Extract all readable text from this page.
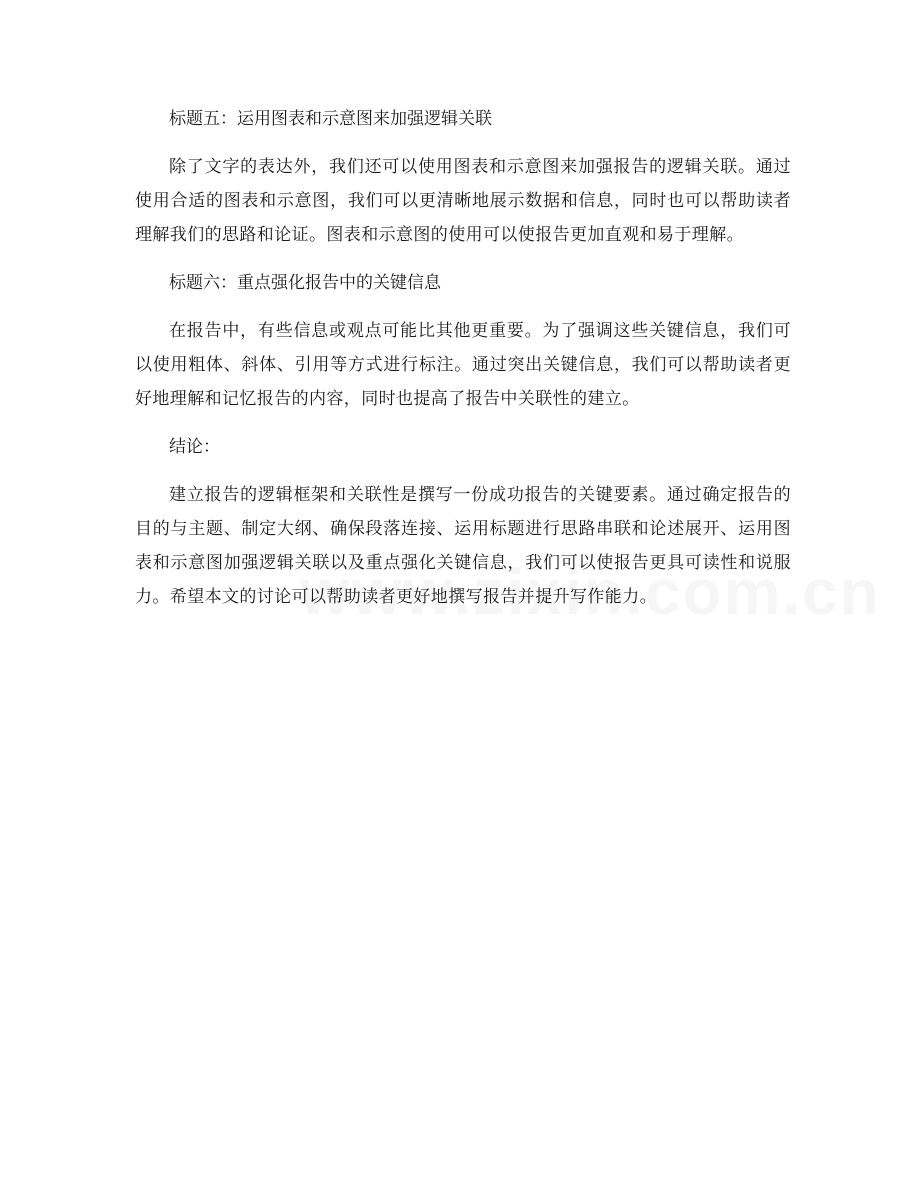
标题五：运用图表和示意图来加强逻辑关联

除了文字的表达外，我们还可以使用图表和示意图来加强报告的逻辑关联。通过使用合适的图表和示意图，我们可以更清晰地展示数据和信息，同时也可以帮助读者理解我们的思路和论证。图表和示意图的使用可以使报告更加直观和易于理解。

标题六：重点强化报告中的关键信息

在报告中，有些信息或观点可能比其他更重要。为了强调这些关键信息，我们可以使用粗体、斜体、引用等方式进行标注。通过突出关键信息，我们可以帮助读者更好地理解和记忆报告的内容，同时也提高了报告中关联性的建立。

结论：

建立报告的逻辑框架和关联性是撰写一份成功报告的关键要素。通过确定报告的目的与主题、制定大纲、确保段落连接、运用标题进行思路串联和论述展开、运用图表和示意图加强逻辑关联以及重点强化关键信息，我们可以使报告更具可读性和说服力。希望本文的讨论可以帮助读者更好地撰写报告并提升写作能力。
